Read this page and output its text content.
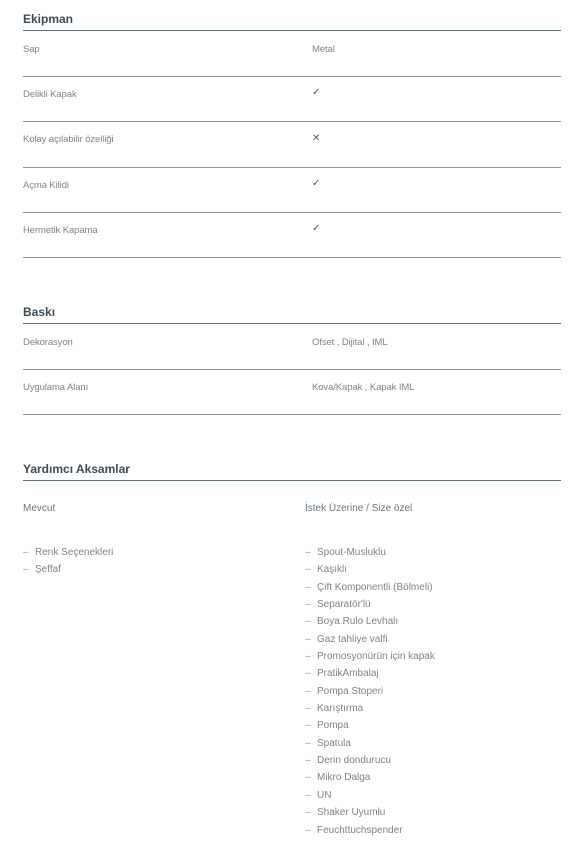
Ekipman
Sap	Metal
Delikli Kapak	✓
Kolay açılabilir özelliği	✕
Açma Kilidi	✓
Hermetik Kapama	✓
Baskı
Dekorasyon	Ofset , Dijital , IML
Uygulama Alanı	Kova/Kapak , Kapak IML
Yardımcı Aksamlar
Mevcut	İstek Üzerine / Size özel
– Renk Seçenekleri
– Şeffaf
– Spout-Musluklu
– Kaşıklı
– Çift Komponentli (Bölmeli)
– Separatör'lü
– Boya Rulo Levhalı
– Gaz tahliye valfi
– Promosyonürün için kapak
– PratikAmbalaj
– Pompa Stoperi
– Karıştırma
– Pompa
– Spatula
– Derin dondurucu
– Mikro Dalga
– UN
– Shaker Uyumlu
– Feuchttuchspender
